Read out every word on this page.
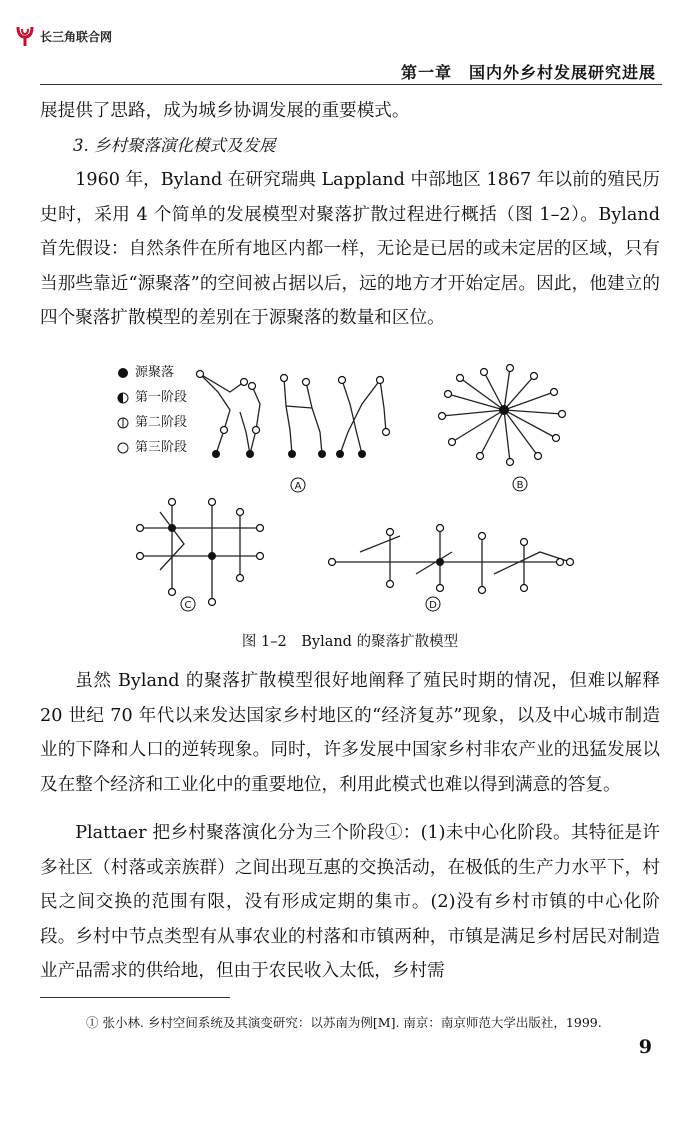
长三角联合网
第一章　国内外乡村发展研究进展

展提供了思路，成为城乡协调发展的重要模式。

3. 乡村聚落演化模式及发展

1960 年，Byland 在研究瑞典 Lappland 中部地区 1867 年以前的殖民历史时，采用 4 个简单的发展模型对聚落扩散过程进行概括（图 1–2）。Byland 首先假设：自然条件在所有地区内都一样，无论是已居的或未定居的区域，只有当那些靠近“源聚落”的空间被占据以后，远的地方才开始定居。因此，他建立的四个聚落扩散模型的差别在于源聚落的数量和区位。

源聚落
第一阶段
第二阶段
第三阶段
A	B
C	D
图 1–2　Byland 的聚落扩散模型

虽然 Byland 的聚落扩散模型很好地阐释了殖民时期的情况，但难以解释 20 世纪 70 年代以来发达国家乡村地区的“经济复苏”现象，以及中心城市制造业的下降和人口的逆转现象。同时，许多发展中国家乡村非农产业的迅猛发展以及在整个经济和工业化中的重要地位，利用此模式也难以得到满意的答复。

Plattaer 把乡村聚落演化分为三个阶段①：(1)未中心化阶段。其特征是许多社区（村落或亲族群）之间出现互惠的交换活动，在极低的生产力水平下，村民之间交换的范围有限，没有形成定期的集市。(2)没有乡村市镇的中心化阶段。乡村中节点类型有从事农业的村落和市镇两种，市镇是满足乡村居民对制造业产品需求的供给地，但由于农民收入太低，乡村需

① 张小林. 乡村空间系统及其演变研究：以苏南为例[M]. 南京：南京师范大学出版社，1999.
9
